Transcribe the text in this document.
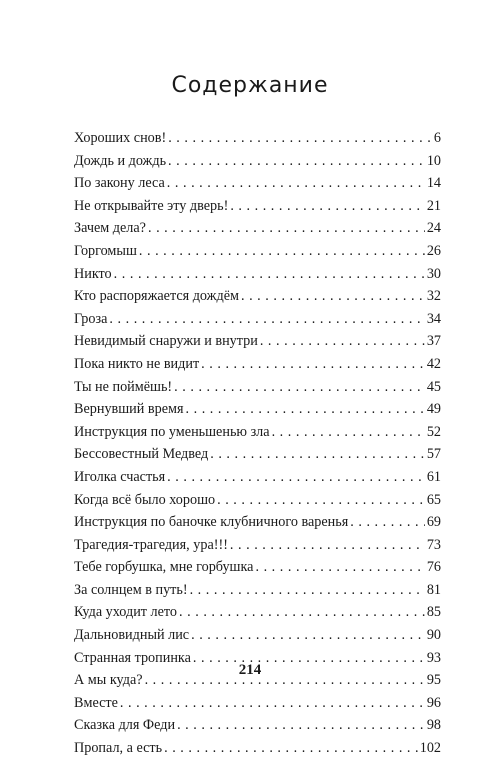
Содержание
Хороших снов! . . .	6
Дождь и дождь . . .	10
По закону леса . . .	14
Не открывайте эту дверь! . . .	21
Зачем дела? . . .	24
Горгомыш . . .	26
Никто . . .	30
Кто распоряжается дождём . . .	32
Гроза . . .	34
Невидимый снаружи и внутри . . .	37
Пока никто не видит . . .	42
Ты не поймёшь! . . .	45
Вернувший время . . .	49
Инструкция по уменьшенью зла . . .	52
Бессовестный Медвед . . .	57
Иголка счастья . . .	61
Когда всё было хорошо . . .	65
Инструкция по баночке клубничного варенья . . .	69
Трагедия-трагедия, ура!!! . . .	73
Тебе горбушка, мне горбушка . . .	76
За солнцем в путь! . . .	81
Куда уходит лето . . .	85
Дальновидный лис . . .	90
Странная тропинка . . .	93
А мы куда? . . .	95
Вместе . . .	96
Сказка для Феди . . .	98
Пропал, а есть . . .	102
214
